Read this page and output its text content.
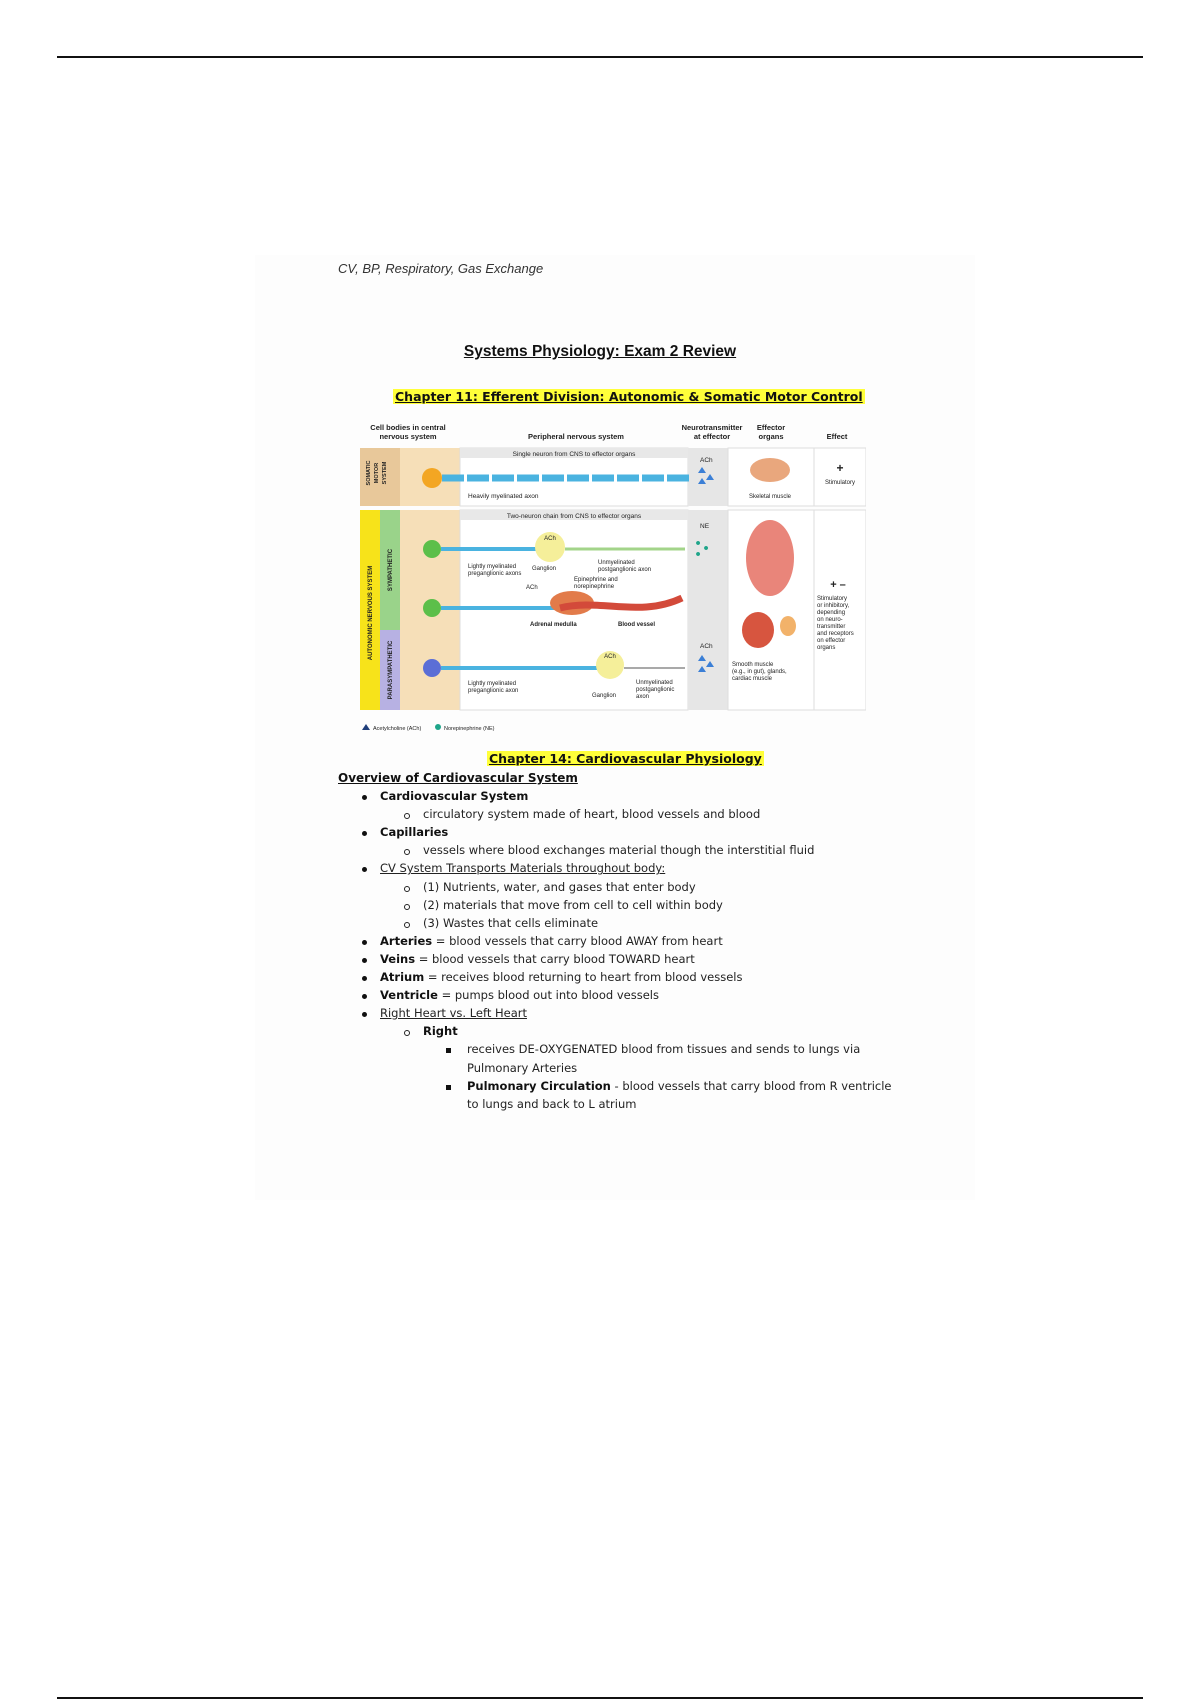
CV, BP, Respiratory, Gas Exchange
Systems Physiology: Exam 2 Review
Chapter 11: Efferent Division: Autonomic & Somatic Motor Control
Cell bodies in central
nervous system	Peripheral nervous system
Neurotransmitter
at effector
Effector
organs	Effect
SOMATIC MOTOR SYSTEM
Single neuron from CNS to effector organs
Heavily myelinated axon
ACh
Skeletal muscle
+
Stimulatory
AUTONOMIC NERVOUS SYSTEM SYMPATHETIC
PARASYMPATHETIC
Two-neuron chain from CNS to effector organs
ACh
Lightly myelinated
preganglionic axons
Ganglion
Unmyelinated
postganglionic axon
Epinephrine and
norepinephrine
ACh
Adrenal medulla	Blood vessel
NE
Smooth muscle
(e.g., in gut), glands,
cardiac muscle
+ –
Stimulatory
or inhibitory,
depending
on neuro-
transmitter
and receptors
on effector
organs
ACh
Lightly myelinated
preganglionic axon
Ganglion
Unmyelinated
postganglionic
axon
ACh
Acetylcholine (ACh)	Norepinephrine (NE)
Chapter 14: Cardiovascular Physiology
Overview of Cardiovascular System
Cardiovascular System
circulatory system made of heart, blood vessels and blood
Capillaries
vessels where blood exchanges material though the interstitial fluid
CV System Transports Materials throughout body:
(1) Nutrients, water, and gases that enter body
(2) materials that move from cell to cell within body
(3) Wastes that cells eliminate
Arteries = blood vessels that carry blood AWAY from heart
Veins = blood vessels that carry blood TOWARD heart
Atrium = receives blood returning to heart from blood vessels
Ventricle = pumps blood out into blood vessels
Right Heart vs. Left Heart
Right
receives DE-OXYGENATED blood from tissues and sends to lungs via
Pulmonary Arteries
Pulmonary Circulation - blood vessels that carry blood from R ventricle
to lungs and back to L atrium
